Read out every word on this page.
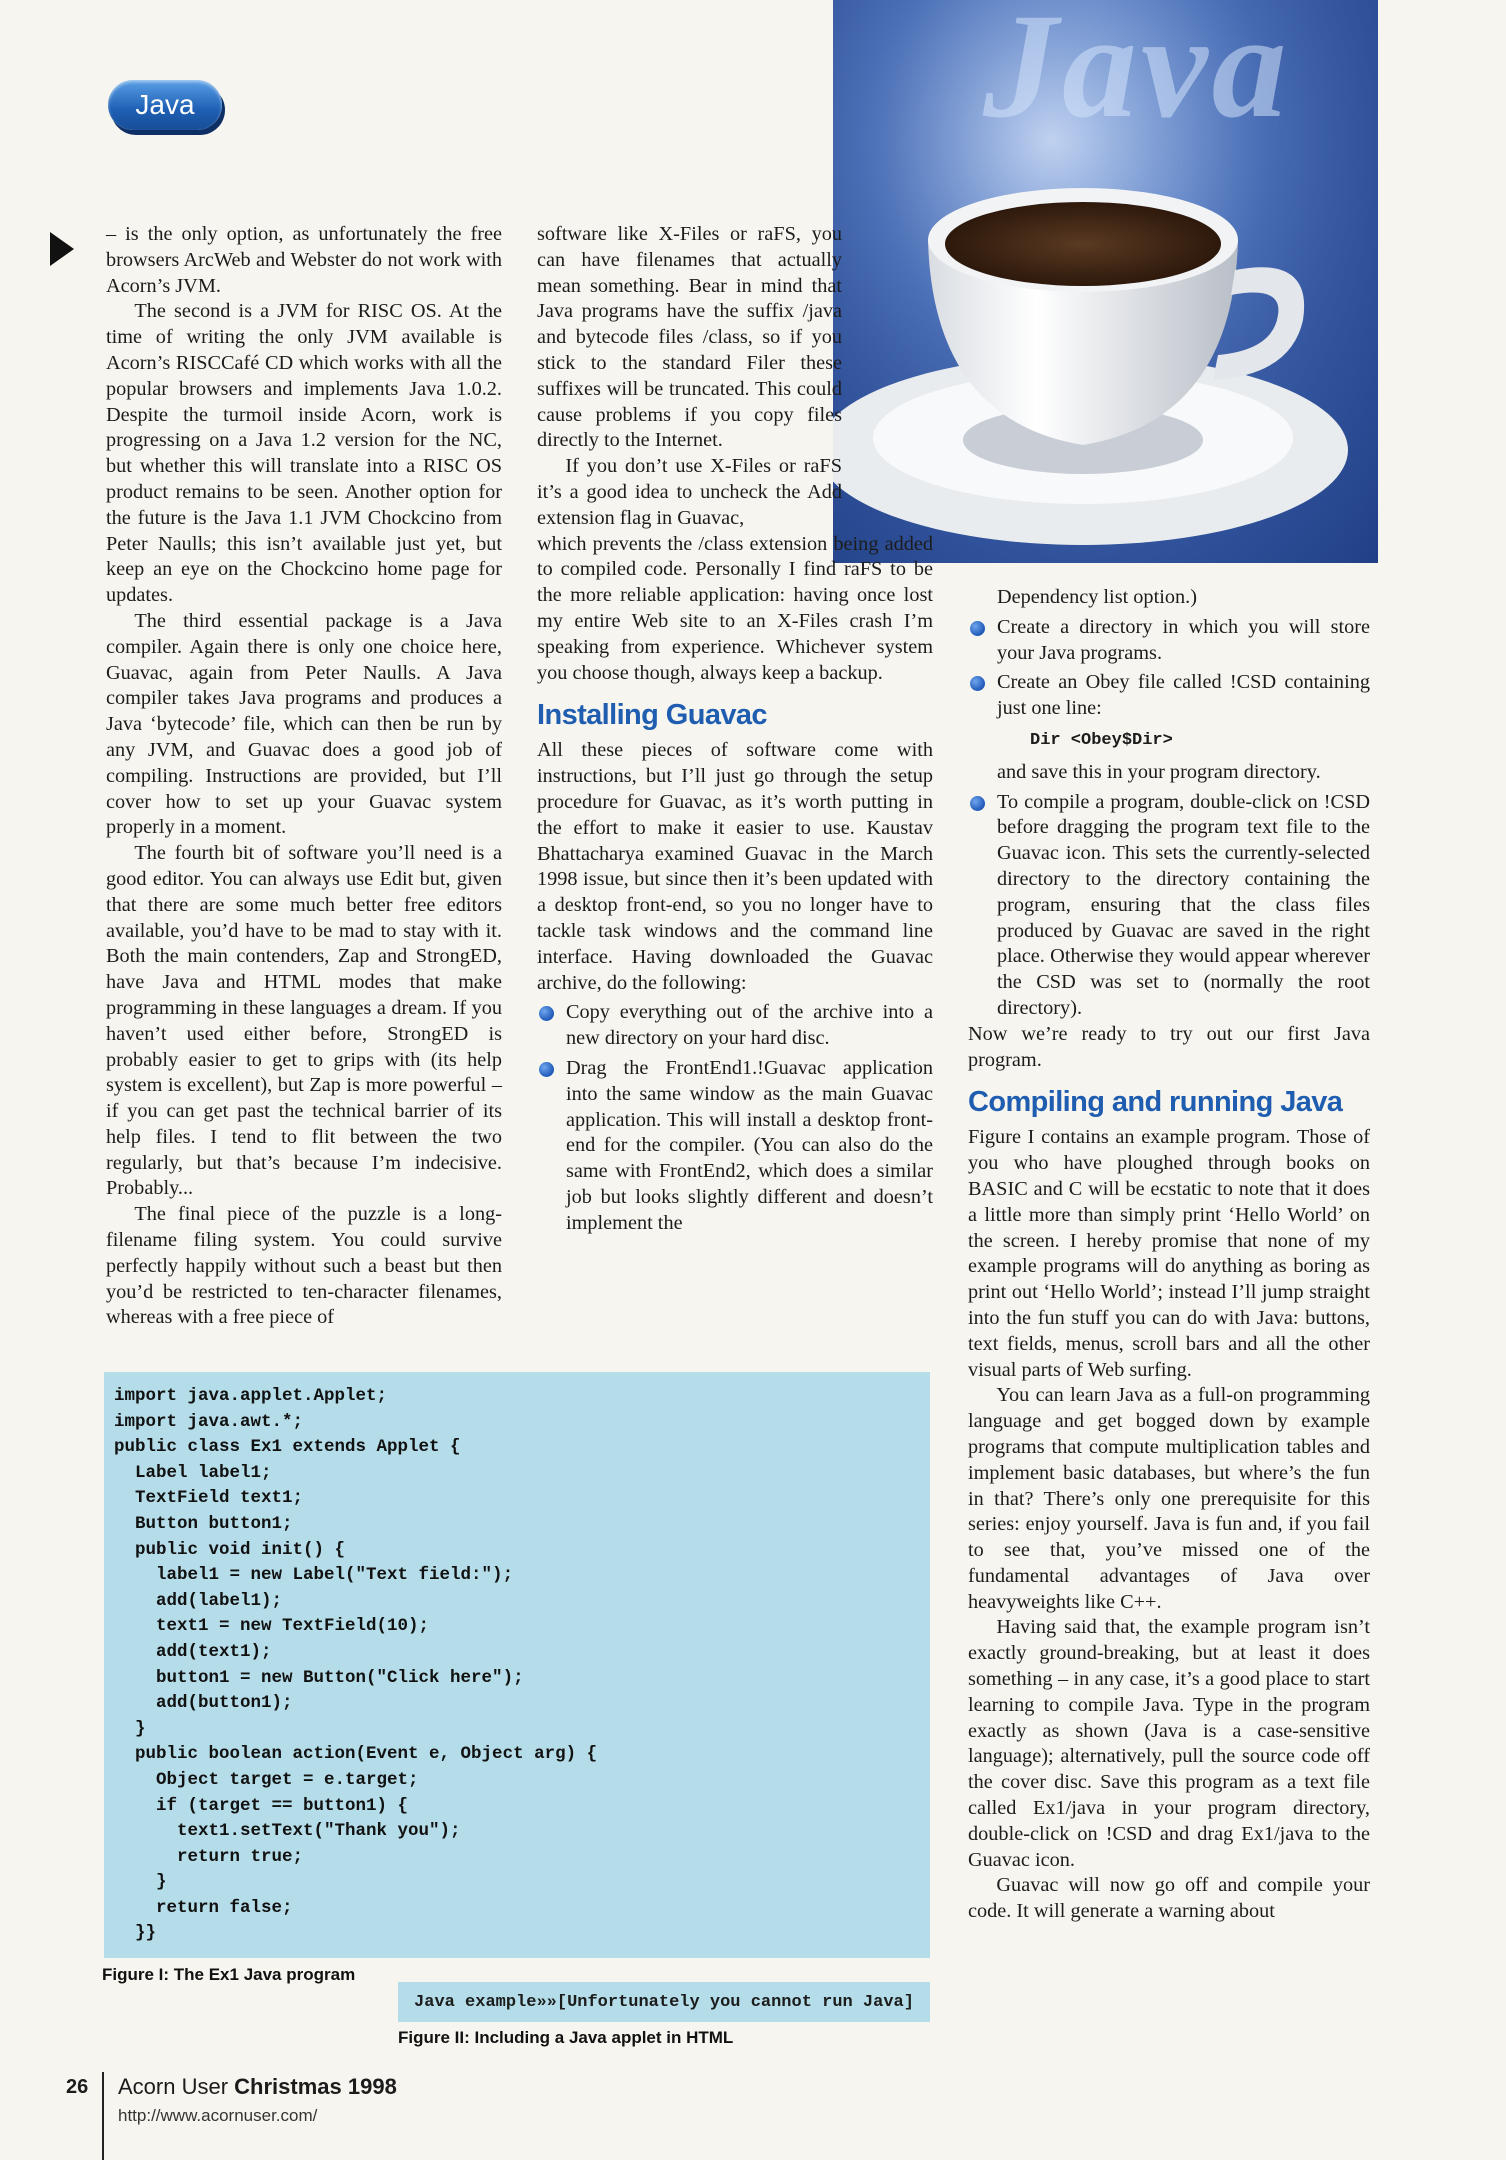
Java	Java

– is the only option, as unfortunately the free browsers ArcWeb and Webster do not work with Acorn’s JVM.

The second is a JVM for RISC OS. At the time of writing the only JVM available is Acorn’s RISCCafé CD which works with all the popular browsers and implements Java 1.0.2. Despite the turmoil inside Acorn, work is progressing on a Java 1.2 version for the NC, but whether this will translate into a RISC OS product remains to be seen. Another option for the future is the Java 1.1 JVM Chockcino from Peter Naulls; this isn’t available just yet, but keep an eye on the Chockcino home page for updates.

The third essential package is a Java compiler. Again there is only one choice here, Guavac, again from Peter Naulls. A Java compiler takes Java programs and produces a Java ‘bytecode’ file, which can then be run by any JVM, and Guavac does a good job of compiling. Instructions are provided, but I’ll cover how to set up your Guavac system properly in a moment.

The fourth bit of software you’ll need is a good editor. You can always use Edit but, given that there are some much better free editors available, you’d have to be mad to stay with it. Both the main contenders, Zap and StrongED, have Java and HTML modes that make programming in these languages a dream. If you haven’t used either before, StrongED is probably easier to get to grips with (its help system is excellent), but Zap is more powerful – if you can get past the technical barrier of its help files. I tend to flit between the two regularly, but that’s because I’m indecisive. Probably...

The final piece of the puzzle is a long-filename filing system. You could survive perfectly happily without such a beast but then you’d be restricted to ten-character filenames, whereas with a free piece of

software like X-Files or raFS, you can have filenames that actually mean something. Bear in mind that Java programs have the suffix /java and bytecode files /class, so if you stick to the standard Filer these suffixes will be truncated. This could cause problems if you copy files directly to the Internet.

If you don’t use X-Files or raFS it’s a good idea to uncheck the Add extension flag in Guavac,

which prevents the /class extension being added to compiled code. Personally I find raFS to be the more reliable application: having once lost my entire Web site to an X-Files crash I’m speaking from experience. Whichever system you choose though, always keep a backup.

Installing Guavac

All these pieces of software come with instructions, but I’ll just go through the setup procedure for Guavac, as it’s worth putting in the effort to make it easier to use. Kaustav Bhattacharya examined Guavac in the March 1998 issue, but since then it’s been updated with a desktop front-end, so you no longer have to tackle task windows and the command line interface. Having downloaded the Guavac archive, do the following:

Copy everything out of the archive into a new directory on your hard disc.

Drag the FrontEnd1.!Guavac application into the same window as the main Guavac application. This will install a desktop front-end for the compiler. (You can also do the same with FrontEnd2, which does a similar job but looks slightly different and doesn’t implement the

Dependency list option.)

Create a directory in which you will store your Java programs.

Create an Obey file called !CSD containing just one line:

Dir <Obey$Dir>

and save this in your program directory.

To compile a program, double-click on !CSD before dragging the program text file to the Guavac icon. This sets the currently-selected directory to the directory containing the program, ensuring that the class files produced by Guavac are saved in the right place. Otherwise they would appear wherever the CSD was set to (normally the root directory).

Now we’re ready to try out our first Java program.

Compiling and running Java

Figure I contains an example program. Those of you who have ploughed through books on BASIC and C will be ecstatic to note that it does a little more than simply print ‘Hello World’ on the screen. I hereby promise that none of my example programs will do anything as boring as print out ‘Hello World’; instead I’ll jump straight into the fun stuff you can do with Java: buttons, text fields, menus, scroll bars and all the other visual parts of Web surfing.

You can learn Java as a full-on programming language and get bogged down by example programs that compute multiplication tables and implement basic databases, but where’s the fun in that? There’s only one prerequisite for this series: enjoy yourself. Java is fun and, if you fail to see that, you’ve missed one of the fundamental advantages of Java over heavyweights like C++.

Having said that, the example program isn’t exactly ground-breaking, but at least it does something – in any case, it’s a good place to start learning to compile Java. Type in the program exactly as shown (Java is a case-sensitive language); alternatively, pull the source code off the cover disc. Save this program as a text file called Ex1/java in your program directory, double-click on !CSD and drag Ex1/java to the Guavac icon.

Guavac will now go off and compile your code. It will generate a warning about

import java.applet.Applet;
import java.awt.*;
public class Ex1 extends Applet {
Label label1;
TextField text1;
Button button1;
public void init() {
label1 = new Label("Text field:");
add(label1);
text1 = new TextField(10);
add(text1);
button1 = new Button("Click here");
add(button1);
}
public boolean action(Event e, Object arg) {
Object target = e.target;
if (target == button1) {
text1.setText("Thank you");
return true;
}
return false;
}}
Figure I: The Ex1 Java program
Java example»»[Unfortunately you cannot run Java]
Figure II: Including a Java applet in HTML
26 Acorn User Christmas 1998
http://www.acornuser.com/
